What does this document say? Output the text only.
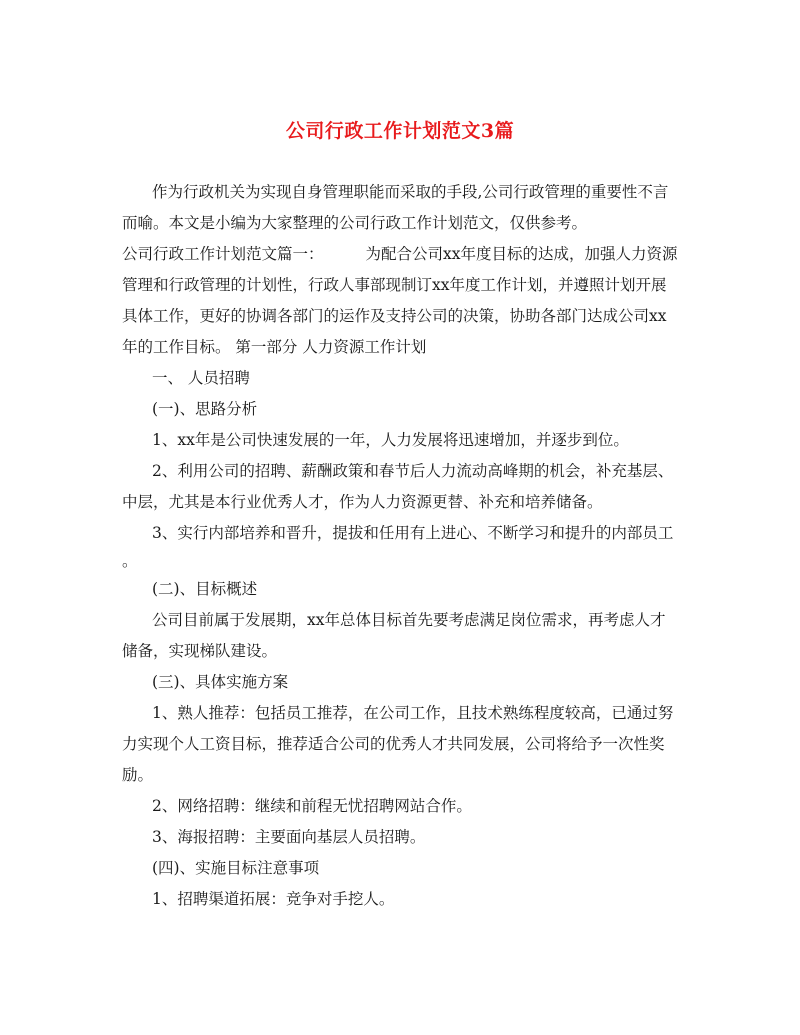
公司行政工作计划范文3篇
作为行政机关为实现自身管理职能而采取的手段,公司行政管理的重要性不言
而喻。本文是小编为大家整理的公司行政工作计划范文，仅供参考。
公司行政工作计划范文篇一：	为配合公司xx年度目标的达成，加强人力资源
管理和行政管理的计划性，行政人事部现制订xx年度工作计划，并遵照计划开展
具体工作，更好的协调各部门的运作及支持公司的决策，协助各部门达成公司xx
年的工作目标。 第一部分 人力资源工作计划
一、 人员招聘
(一)、思路分析
1、xx年是公司快速发展的一年，人力发展将迅速增加，并逐步到位。
2、利用公司的招聘、薪酬政策和春节后人力流动高峰期的机会，补充基层、
中层，尤其是本行业优秀人才，作为人力资源更替、补充和培养储备。
3、实行内部培养和晋升，提拔和任用有上进心、不断学习和提升的内部员工
。
(二)、目标概述
公司目前属于发展期，xx年总体目标首先要考虑满足岗位需求，再考虑人才
储备，实现梯队建设。
(三)、具体实施方案
1、熟人推荐：包括员工推荐，在公司工作，且技术熟练程度较高，已通过努
力实现个人工资目标，推荐适合公司的优秀人才共同发展，公司将给予一次性奖
励。
2、网络招聘：继续和前程无忧招聘网站合作。
3、海报招聘：主要面向基层人员招聘。
(四)、实施目标注意事项
1、招聘渠道拓展：竞争对手挖人。
